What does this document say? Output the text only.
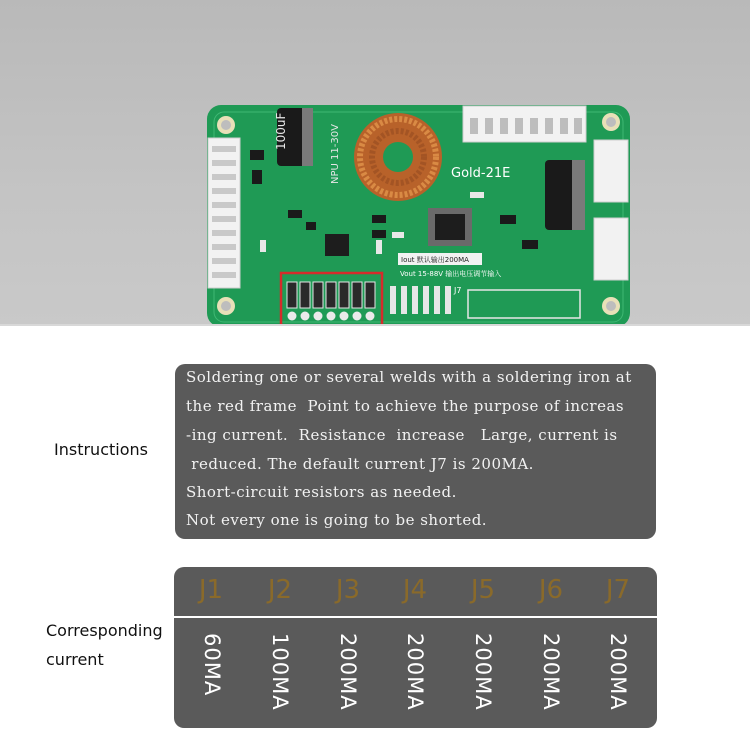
100uF	NPU 11-30V	Gold-21E
Iout 默认输出200MA
Vout 15-88V 输出电压调节输入
J7
Instructions
Soldering one or several welds with a soldering iron at
the red frame  Point to achieve the purpose of increas
-ing current.  Resistance  increase   Large, current is
reduced. The default current J7 is 200MA.
Short-circuit resistors as needed.
Not every one is going to be shorted.
Corresponding
current
J1	J2	J3	J4	J5	J6	J7
60MA 100MA 200MA 200MA 200MA 200MA 200MA
